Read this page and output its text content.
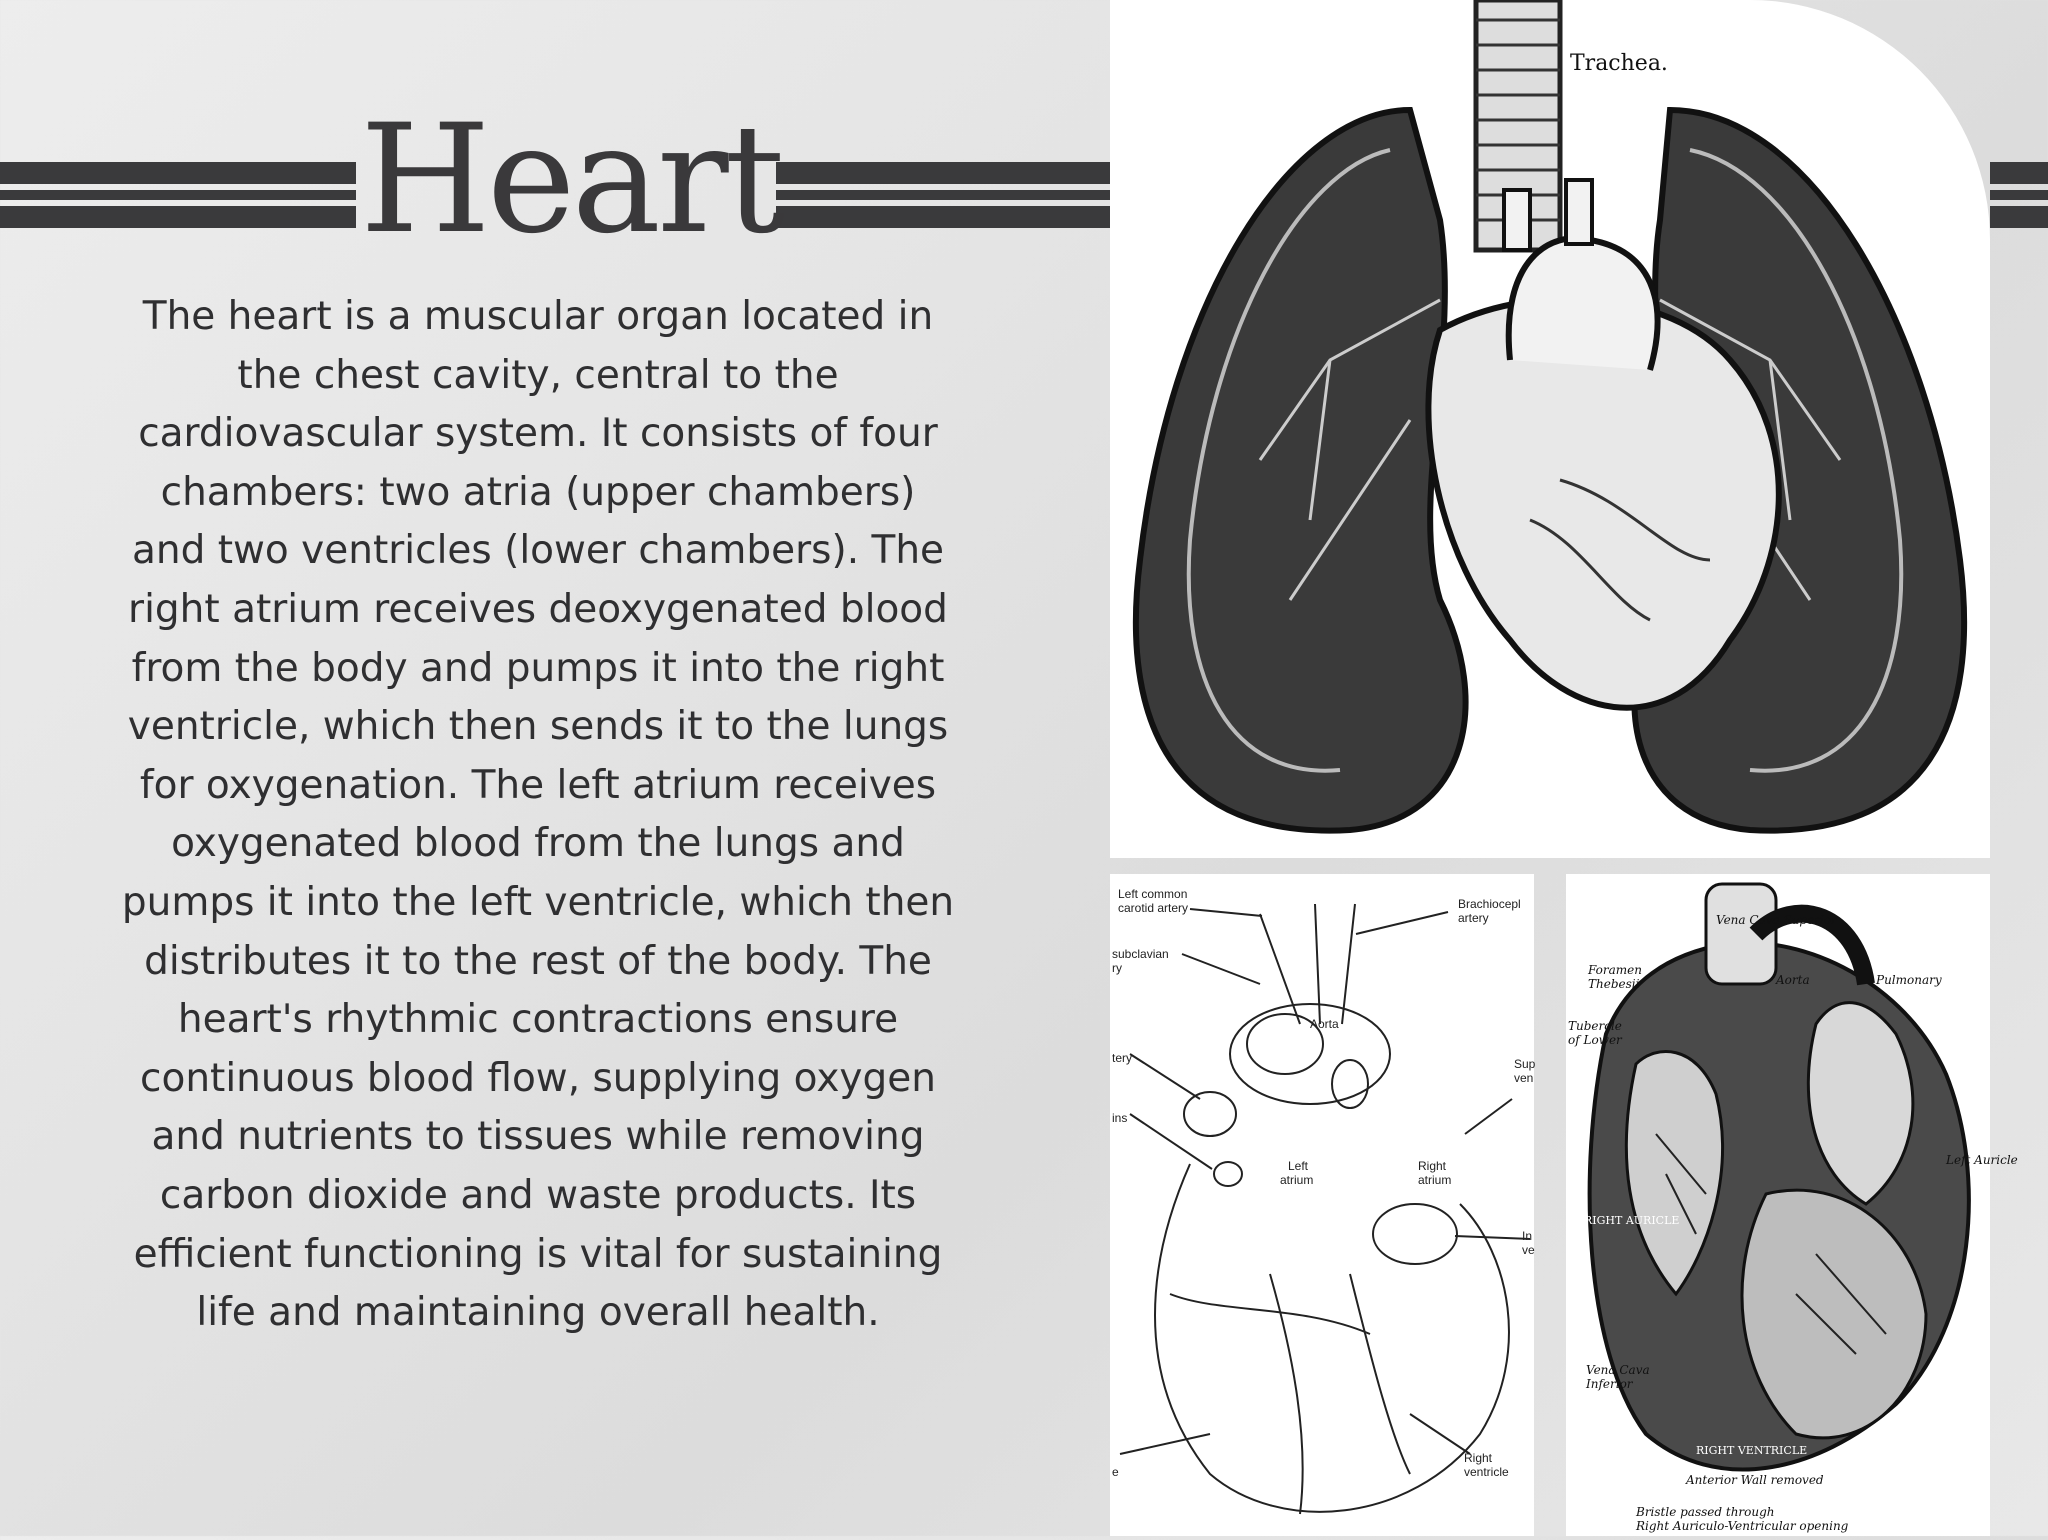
Heart
The heart is a muscular organ located in the chest cavity, central to the cardiovascular system. It consists of four chambers: two atria (upper chambers) and two ventricles (lower chambers). The right atrium receives deoxygenated blood from the body and pumps it into the right ventricle, which then sends it to the lungs for oxygenation. The left atrium receives oxygenated blood from the lungs and pumps it into the left ventricle, which then distributes it to the rest of the body. The heart's rhythmic contractions ensure continuous blood flow, supplying oxygen and nutrients to tissues while removing carbon dioxide and waste products. Its efficient functioning is vital for sustaining life and maintaining overall health.
Trachea.
Left common
carotid artery
subclavian
ry
Brachiocepl
artery
Aorta
tery
ins
Sup
ven
Left
atrium
Right
atrium
In
ve
Right
ventricle
e
Vena Cava Superior
Aorta	Pulmonary
Foramen
Thebesii
Tubercle
of Lower
Left Auricle
Vena Cava
Inferior
Anterior Wall removed
Bristle passed through
Right Auriculo-Ventricular opening
RIGHT AURICLE
RIGHT VENTRICLE
